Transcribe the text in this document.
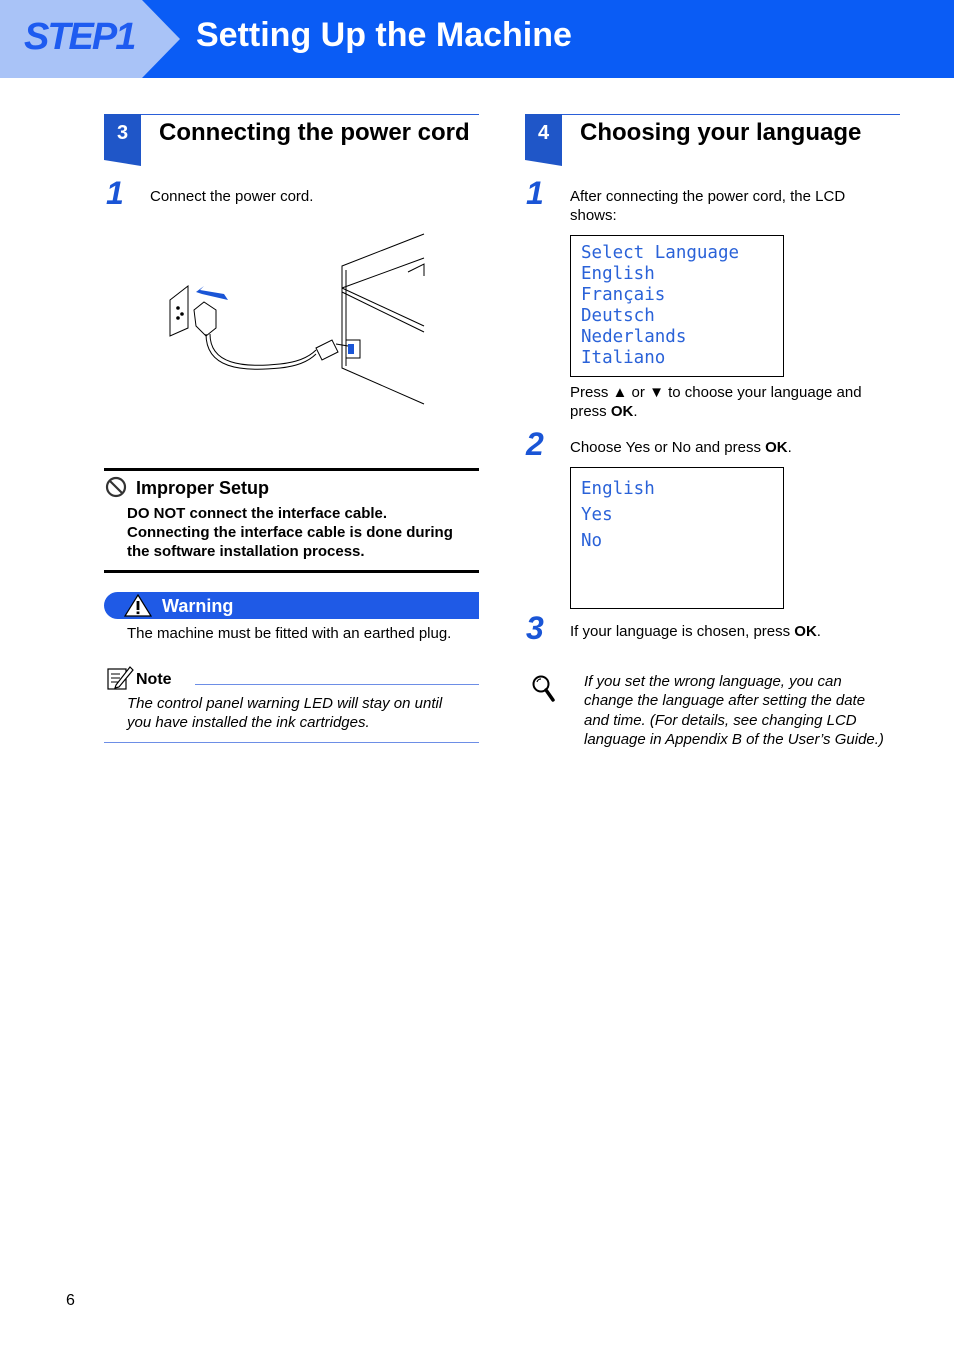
STEP1 Setting Up the Machine
3	Connecting the power cord	4	Choosing your language
1 Connect the power cord.
Improper Setup
DO NOT connect the interface cable.
Connecting the interface cable is done during
the software installation process.
Warning
The machine must be fitted with an earthed plug.
Note
The control panel warning LED will stay on until
you have installed the ink cartridges.
1 After connecting the power cord, the LCD
shows:
Select Language
English
Français
Deutsch
Nederlands
Italiano
Press ▲ or ▼ to choose your language and
press OK.
2 Choose Yes or No and press OK.
English
Yes
No
3 If your language is chosen, press OK.
If you set the wrong language, you can
change the language after setting the date
and time. (For details, see changing LCD
language in Appendix B of the User’s Guide.)
6
